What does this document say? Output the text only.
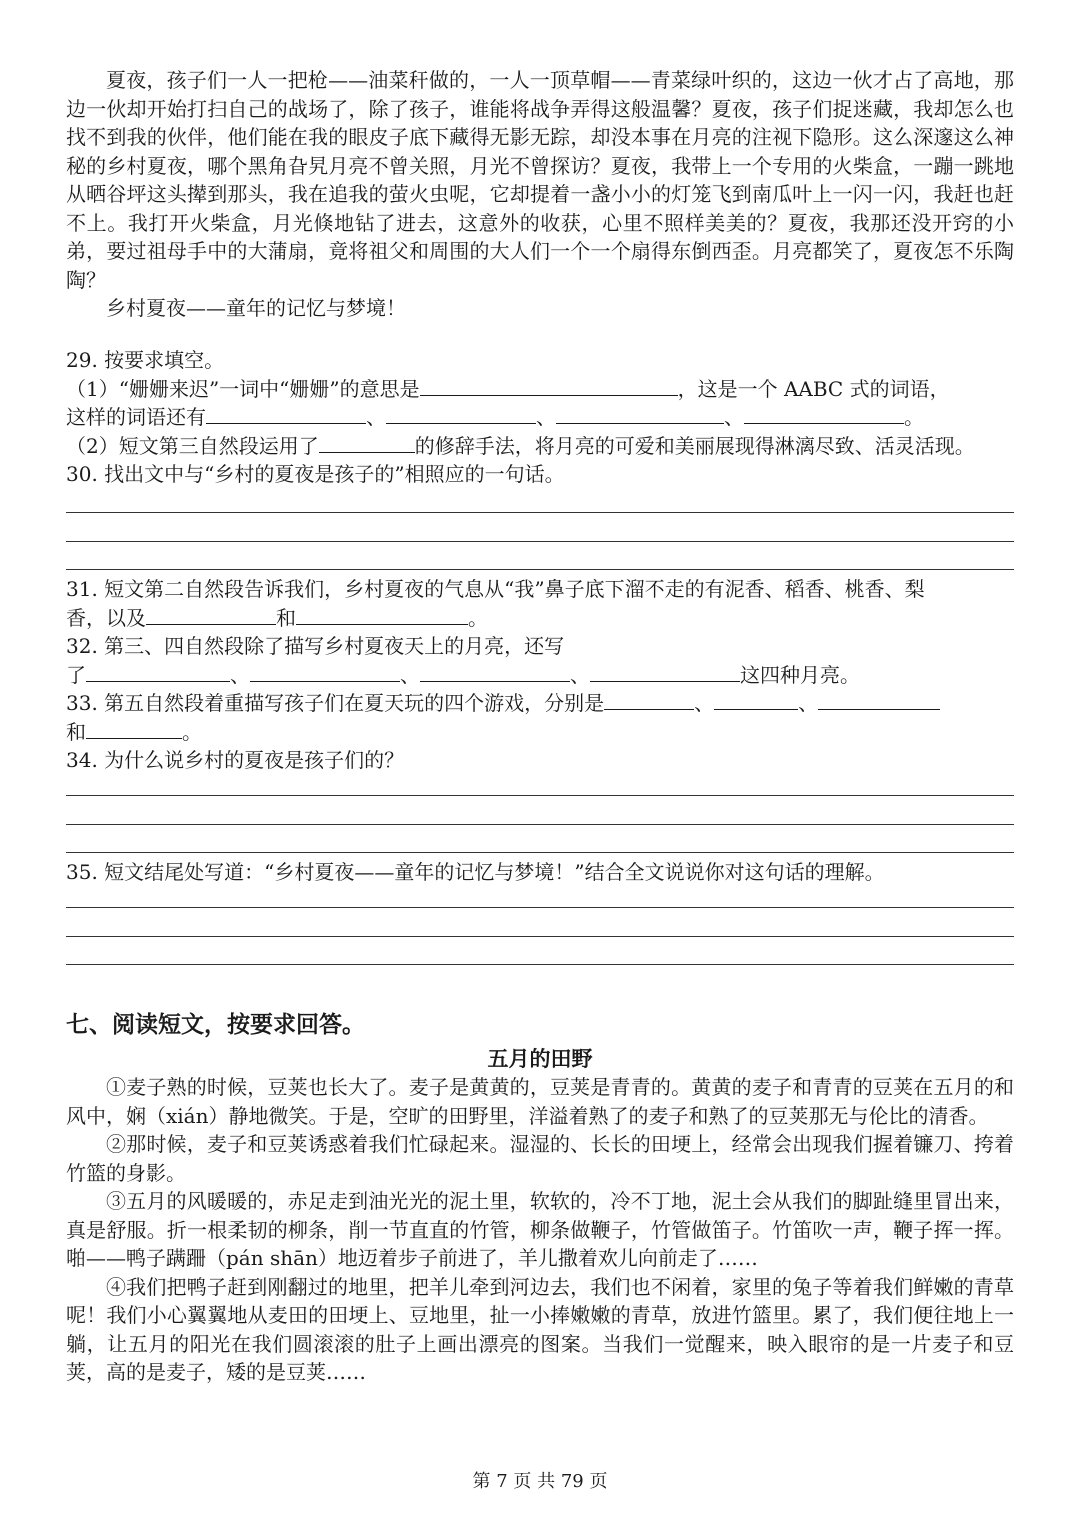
夏夜，孩子们一人一把枪——油菜秆做的，一人一顶草帽——青菜绿叶织的，这边一伙才占了高地，那边一伙却开始打扫自己的战场了，除了孩子，谁能将战争弄得这般温馨？夏夜，孩子们捉迷藏，我却怎么也找不到我的伙伴，他们能在我的眼皮子底下藏得无影无踪，却没本事在月亮的注视下隐形。这么深邃这么神秘的乡村夏夜，哪个黑角旮旯月亮不曾关照，月光不曾探访？夏夜，我带上一个专用的火柴盒，一蹦一跳地从晒谷坪这头撵到那头，我在追我的萤火虫呢，它却提着一盏小小的灯笼飞到南瓜叶上一闪一闪，我赶也赶不上。我打开火柴盒，月光倏地钻了进去，这意外的收获，心里不照样美美的？夏夜，我那还没开窍的小弟，要过祖母手中的大蒲扇，竟将祖父和周围的大人们一个一个扇得东倒西歪。月亮都笑了，夏夜怎不乐陶陶？

乡村夏夜——童年的记忆与梦境！

29. 按要求填空。
（1）“姗姗来迟”一词中“姗姗”的意思是	，这是一个 AABC 式的词语，
这样的词语还有	、	、	、	。
（2）短文第三自然段运用了	的修辞手法，将月亮的可爱和美丽展现得淋漓尽致、活灵活现。
30. 找出文中与“乡村的夏夜是孩子的”相照应的一句话。
31. 短文第二自然段告诉我们，乡村夏夜的气息从“我”鼻子底下溜不走的有泥香、稻香、桃香、梨
香，以及	和	。
32. 第三、四自然段除了描写乡村夏夜天上的月亮，还写
了	、	、	、	这四种月亮。
33. 第五自然段着重描写孩子们在夏天玩的四个游戏，分别是	、	、
和	。
34. 为什么说乡村的夏夜是孩子们的？
35. 短文结尾处写道：“乡村夏夜——童年的记忆与梦境！”结合全文说说你对这句话的理解。
七、阅读短文，按要求回答。
五月的田野

①麦子熟的时候，豆荚也长大了。麦子是黄黄的，豆荚是青青的。黄黄的麦子和青青的豆荚在五月的和风中，娴（xián）静地微笑。于是，空旷的田野里，洋溢着熟了的麦子和熟了的豆荚那无与伦比的清香。

②那时候，麦子和豆荚诱惑着我们忙碌起来。湿湿的、长长的田埂上，经常会出现我们握着镰刀、挎着竹篮的身影。

③五月的风暖暖的，赤足走到油光光的泥土里，软软的，冷不丁地，泥土会从我们的脚趾缝里冒出来，真是舒服。折一根柔韧的柳条，削一节直直的竹管，柳条做鞭子，竹管做笛子。竹笛吹一声，鞭子挥一挥。啪——鸭子蹒跚（pán shān）地迈着步子前进了，羊儿撒着欢儿向前走了……

④我们把鸭子赶到刚翻过的地里，把羊儿牵到河边去，我们也不闲着，家里的兔子等着我们鲜嫩的青草呢！我们小心翼翼地从麦田的田埂上、豆地里，扯一小捧嫩嫩的青草，放进竹篮里。累了，我们便往地上一躺，让五月的阳光在我们圆滚滚的肚子上画出漂亮的图案。当我们一觉醒来，映入眼帘的是一片麦子和豆荚，高的是麦子，矮的是豆荚……

第 7 页 共 79 页
